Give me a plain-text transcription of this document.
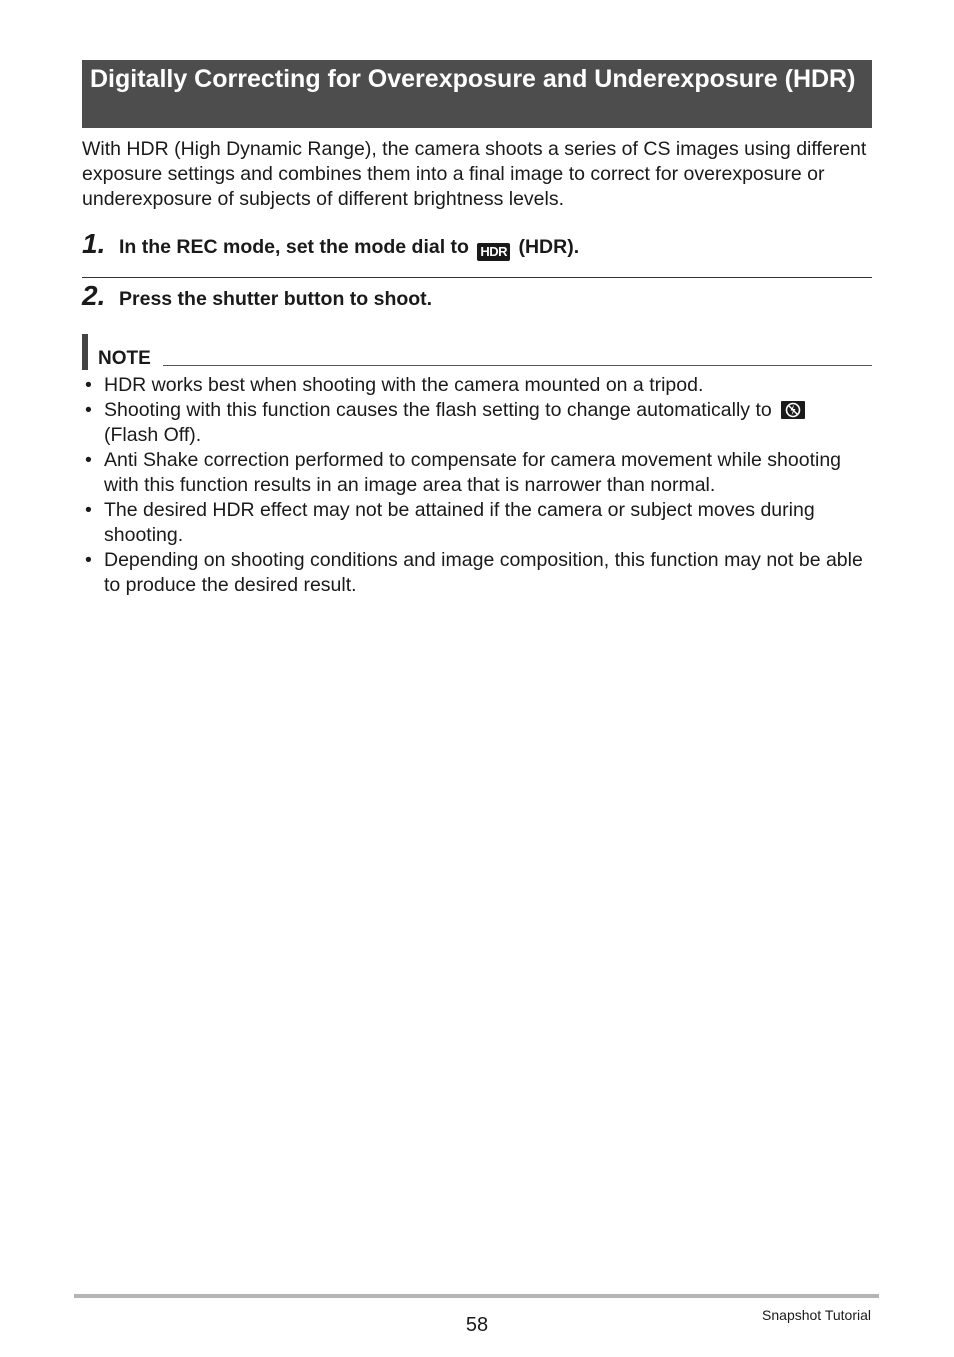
Digitally Correcting for Overexposure and Underexposure (HDR)

With HDR (High Dynamic Range), the camera shoots a series of CS images using different exposure settings and combines them into a final image to correct for overexposure or underexposure of subjects of different brightness levels.

1. In the REC mode, set the mode dial to HDR (HDR).
2. Press the shutter button to shoot.
NOTE
• HDR works best when shooting with the camera mounted on a tripod.
• Shooting with this function causes the flash setting to change automatically to

(Flash Off).
• Anti Shake correction performed to compensate for camera movement while shooting with this function results in an image area that is narrower than normal.
• The desired HDR effect may not be attained if the camera or subject moves during shooting.
• Depending on shooting conditions and image composition, this function may not be able to produce the desired result.
58	Snapshot Tutorial
